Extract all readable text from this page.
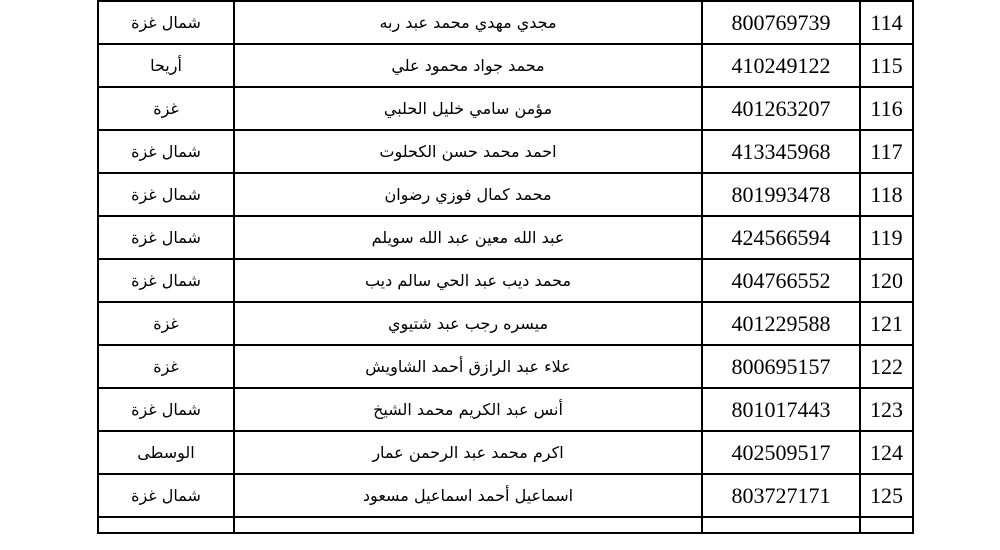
114	800769739	مجدي مهدي محمد عبد ربه	شمال غزة
115	410249122	محمد جواد محمود علي	أريحا
116	401263207	مؤمن سامي خليل الحلبي	غزة
117	413345968	احمد محمد حسن الكحلوت	شمال غزة
118	801993478	محمد كمال فوزي رضوان	شمال غزة
119	424566594	عبد الله معين عبد الله سويلم	شمال غزة
120	404766552	محمد ديب عبد الحي سالم ديب	شمال غزة
121	401229588	ميسره رجب عبد شتيوي	غزة
122	800695157	علاء عبد الرازق أحمد الشاويش	غزة
123	801017443	أنس عبد الكريم محمد الشيخ	شمال غزة
124	402509517	اكرم محمد عبد الرحمن عمار	الوسطى
125	803727171	اسماعيل أحمد اسماعيل مسعود	شمال غزة
